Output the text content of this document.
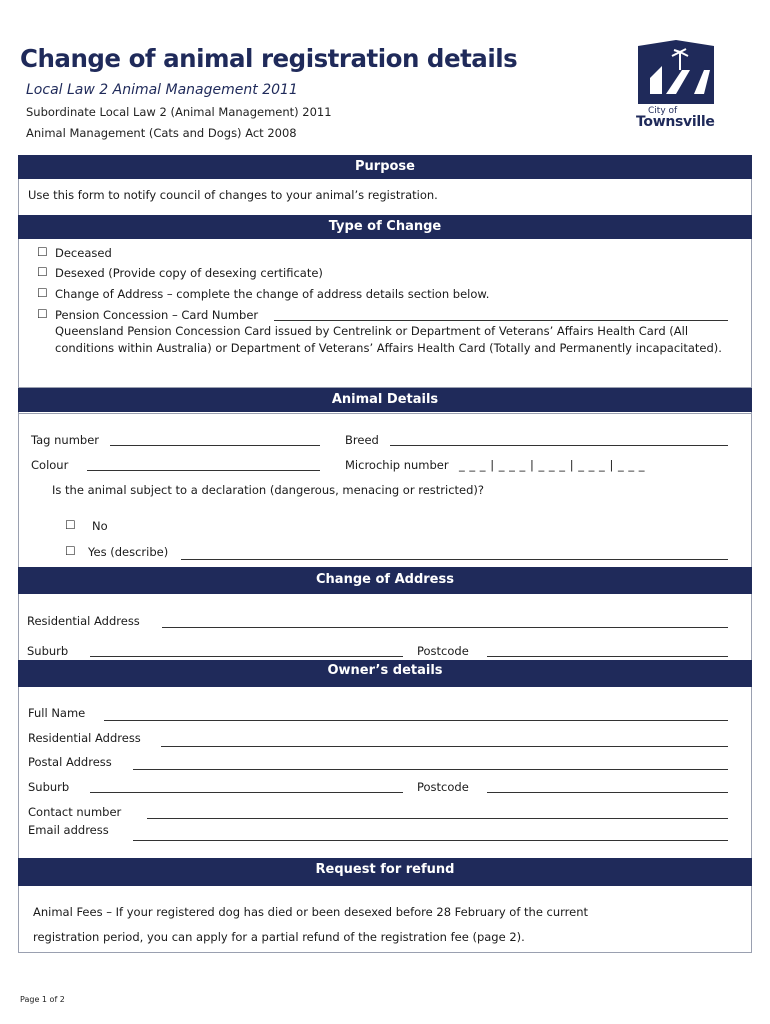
Change of animal registration details
Local Law 2 Animal Management 2011
Subordinate Local Law 2 (Animal Management) 2011
Animal Management (Cats and Dogs) Act 2008
City of
Townsville
Purpose
Use this form to notify council of changes to your animal’s registration.
Type of Change
☐ Deceased
☐ Desexed (Provide copy of desexing certificate)
☐ Change of Address – complete the change of address details section below.
☐ Pension Concession – Card Number
Queensland Pension Concession Card issued by Centrelink or Department of Veterans’ Affairs Health Card (All conditions within Australia) or Department of Veterans’ Affairs Health Card (Totally and Permanently incapacitated).
Animal Details
Tag number	Breed
Colour	Microchip number _ _ _ | _ _ _ | _ _ _ | _ _ _ | _ _ _
Is the animal subject to a declaration (dangerous, menacing or restricted)?
☐ No
☐ Yes (describe)
Change of Address
Residential Address
Suburb	Postcode
Owner’s details
Full Name
Residential Address
Postal Address
Suburb	Postcode
Contact number
Email address
Request for refund
Animal Fees – If your registered dog has died or been desexed before 28 February of the current
registration period, you can apply for a partial refund of the registration fee (page 2).
Page 1 of 2
